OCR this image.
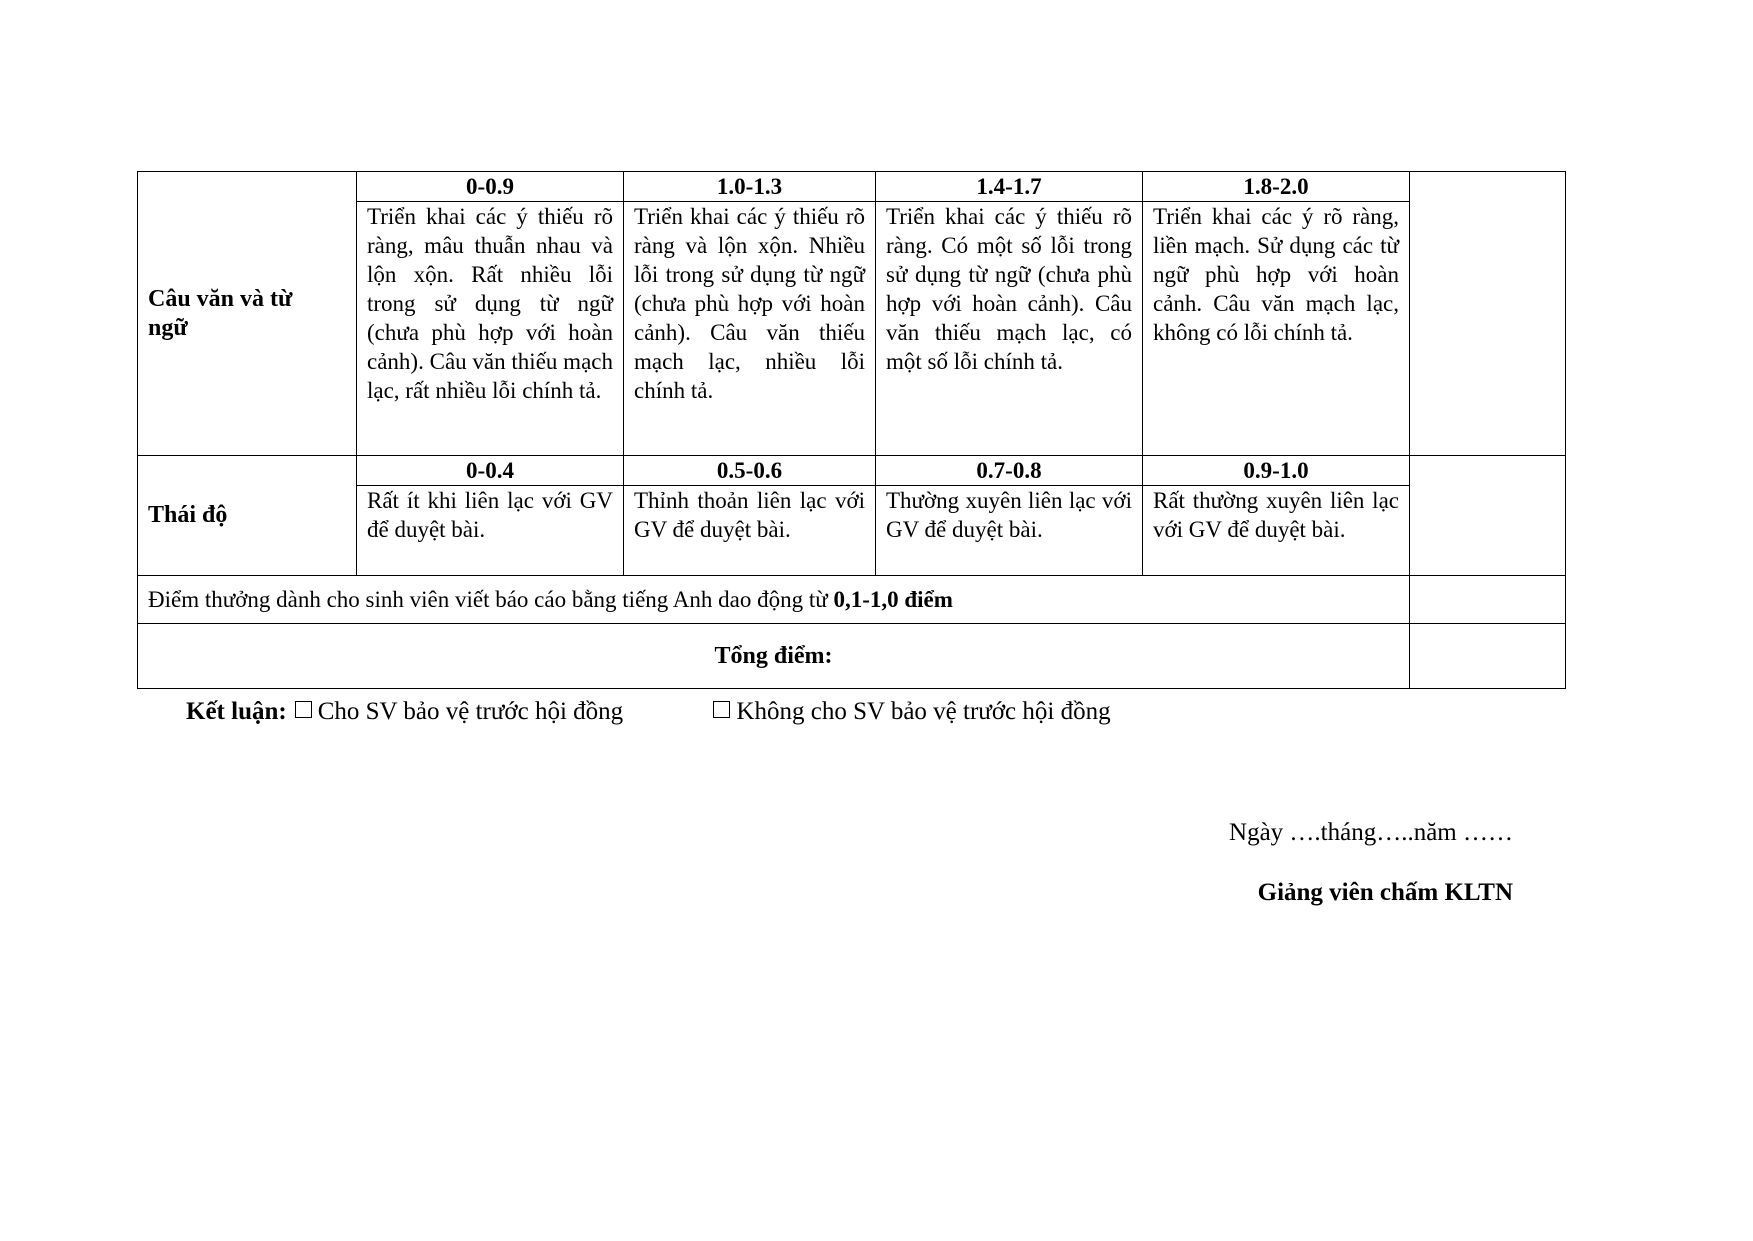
Câu văn và từ ngữ	0-0.9	1.0-1.3	1.4-1.7	1.8-2.0	
	Triển khai các ý thiếu rõ ràng, mâu thuẫn nhau và lộn xộn. Rất nhiều lỗi trong sử dụng từ ngữ (chưa phù hợp với hoàn cảnh). Câu văn thiếu mạch lạc, rất nhiều lỗi chính tả.	Triển khai các ý thiếu rõ ràng và lộn xộn. Nhiều lỗi trong sử dụng từ ngữ (chưa phù hợp với hoàn cảnh). Câu văn thiếu mạch lạc, nhiều lỗi chính tả.	Triển khai các ý thiếu rõ ràng. Có một số lỗi trong sử dụng từ ngữ (chưa phù hợp với hoàn cảnh). Câu văn thiếu mạch lạc, có một số lỗi chính tả.	Triển khai các ý rõ ràng, liền mạch. Sử dụng các từ ngữ phù hợp với hoàn cảnh. Câu văn mạch lạc, không có lỗi chính tả.	
Thái độ	0-0.4	0.5-0.6	0.7-0.8	0.9-1.0	
	Rất ít khi liên lạc với GV để duyệt bài.	Thỉnh thoản liên lạc với GV để duyệt bài.	Thường xuyên liên lạc với GV để duyệt bài.	Rất thường xuyên liên lạc với GV để duyệt bài.	
Điểm thưởng dành cho sinh viên viết báo cáo bằng tiếng Anh dao động từ 0,1-1,0 điểm					
Tổng điểm:					
Kết luận: Cho SV bảo vệ trước hội đồng	Không cho SV bảo vệ trước hội đồng
Ngày ….tháng…..năm ……
Giảng viên chấm KLTN
